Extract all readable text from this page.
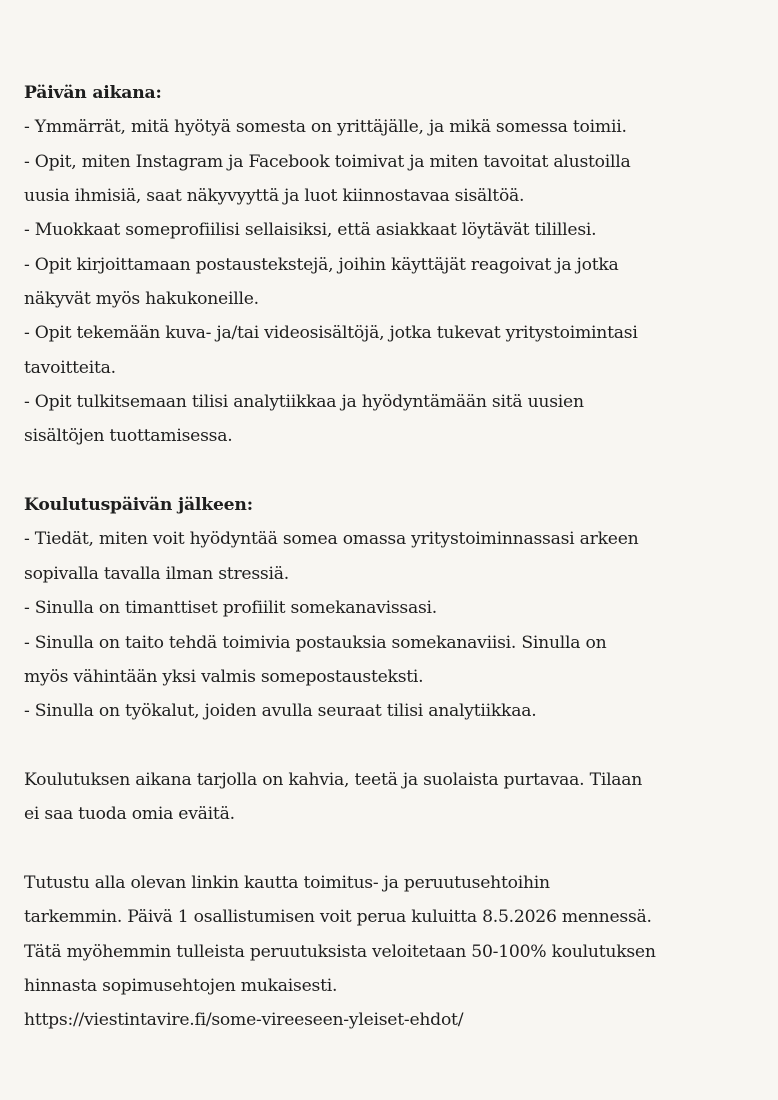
Päivän aikana:
- Ymmärrät, mitä hyötyä somesta on yrittäjälle, ja mikä somessa toimii.
- Opit, miten Instagram ja Facebook toimivat ja miten tavoitat alustoilla
uusia ihmisiä, saat näkyvyyttä ja luot kiinnostavaa sisältöä.
- Muokkaat someprofiilisi sellaisiksi, että asiakkaat löytävät tilillesi.
- Opit kirjoittamaan postaustekstejä, joihin käyttäjät reagoivat ja jotka
näkyvät myös hakukoneille.
- Opit tekemään kuva- ja/tai videosisältöjä, jotka tukevat yritystoimintasi
tavoitteita.
- Opit tulkitsemaan tilisi analytiikkaa ja hyödyntämään sitä uusien
sisältöjen tuottamisessa.
Koulutuspäivän jälkeen:
- Tiedät, miten voit hyödyntää somea omassa yritystoiminnassasi arkeen
sopivalla tavalla ilman stressiä.
- Sinulla on timanttiset profiilit somekanavissasi.
- Sinulla on taito tehdä toimivia postauksia somekanaviisi. Sinulla on
myös vähintään yksi valmis somepostausteksti.
- Sinulla on työkalut, joiden avulla seuraat tilisi analytiikkaa.
Koulutuksen aikana tarjolla on kahvia, teetä ja suolaista purtavaa. Tilaan
ei saa tuoda omia eväitä.
Tutustu alla olevan linkin kautta toimitus- ja peruutusehtoihin
tarkemmin. Päivä 1 osallistumisen voit perua kuluitta 8.5.2026 mennessä.
Tätä myöhemmin tulleista peruutuksista veloitetaan 50-100% koulutuksen
hinnasta sopimusehtojen mukaisesti.
https://viestintavire.fi/some-vireeseen-yleiset-ehdot/
